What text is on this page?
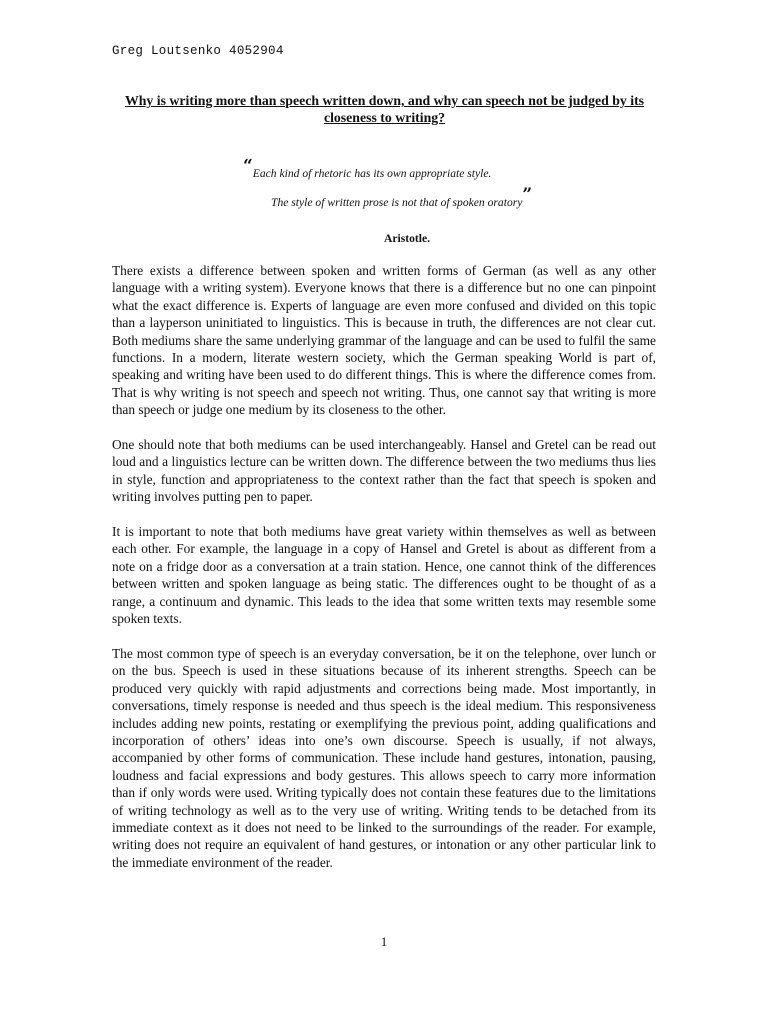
Greg Loutsenko 4052904
Why is writing more than speech written down, and why can speech not be judged by its closeness to writing?
“Each kind of rhetoric has its own appropriate style.
The style of written prose is not that of spoken oratory”
Aristotle.

There exists a difference between spoken and written forms of German (as well as any other language with a writing system). Everyone knows that there is a difference but no one can pinpoint what the exact difference is. Experts of language are even more confused and divided on this topic than a layperson uninitiated to linguistics. This is because in truth, the differences are not clear cut. Both mediums share the same underlying grammar of the language and can be used to fulfil the same functions. In a modern, literate western society, which the German speaking World is part of, speaking and writing have been used to do different things. This is where the difference comes from. That is why writing is not speech and speech not writing. Thus, one cannot say that writing is more than speech or judge one medium by its closeness to the other.

One should note that both mediums can be used interchangeably. Hansel and Gretel can be read out loud and a linguistics lecture can be written down. The difference between the two mediums thus lies in style, function and appropriateness to the context rather than the fact that speech is spoken and writing involves putting pen to paper.

It is important to note that both mediums have great variety within themselves as well as between each other. For example, the language in a copy of Hansel and Gretel is about as different from a note on a fridge door as a conversation at a train station. Hence, one cannot think of the differences between written and spoken language as being static. The differences ought to be thought of as a range, a continuum and dynamic. This leads to the idea that some written texts may resemble some spoken texts.

The most common type of speech is an everyday conversation, be it on the telephone, over lunch or on the bus. Speech is used in these situations because of its inherent strengths. Speech can be produced very quickly with rapid adjustments and corrections being made. Most importantly, in conversations, timely response is needed and thus speech is the ideal medium. This responsiveness includes adding new points, restating or exemplifying the previous point, adding qualifications and incorporation of others’ ideas into one’s own discourse. Speech is usually, if not always, accompanied by other forms of communication. These include hand gestures, intonation, pausing, loudness and facial expressions and body gestures. This allows speech to carry more information than if only words were used. Writing typically does not contain these features due to the limitations of writing technology as well as to the very use of writing. Writing tends to be detached from its immediate context as it does not need to be linked to the surroundings of the reader. For example, writing does not require an equivalent of hand gestures, or intonation or any other particular link to the immediate environment of the reader.

1
